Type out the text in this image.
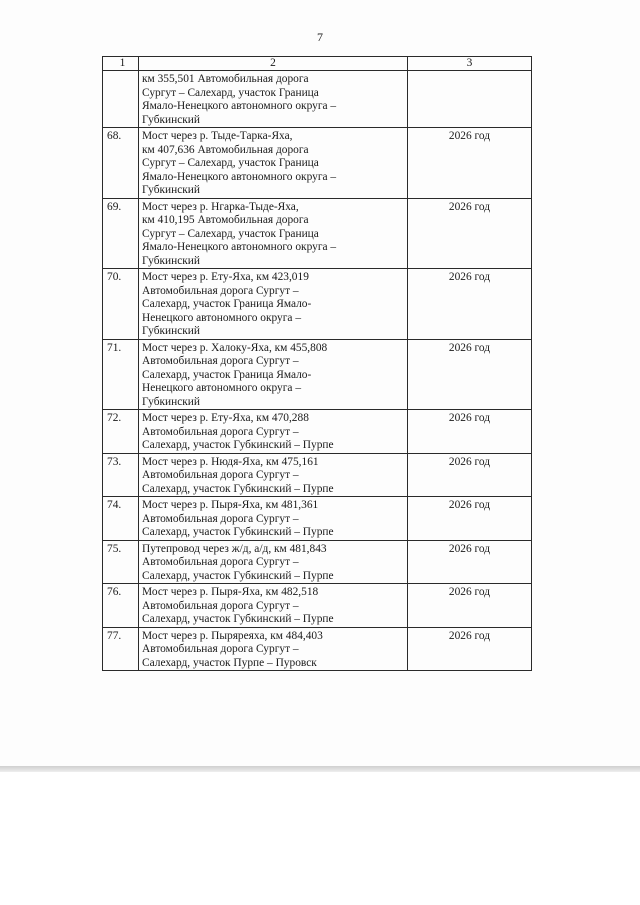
7
1	2	3

	км 355,501 Автомобильная дорога
Сургут – Салехард, участок Граница
Ямало-Ненецкого автономного округа –
Губкинский	

68.	Мост через р. Тыде-Тарка-Яха,
км 407,636 Автомобильная дорога
Сургут – Салехард, участок Граница
Ямало-Ненецкого автономного округа –
Губкинский	2026 год

69.	Мост через р. Нгарка-Тыде-Яха,
км 410,195 Автомобильная дорога
Сургут – Салехард, участок Граница
Ямало-Ненецкого автономного округа –
Губкинский	2026 год

70.	Мост через р. Ету-Яха, км 423,019
Автомобильная дорога Сургут –
Салехард, участок Граница Ямало-
Ненецкого автономного округа –
Губкинский	2026 год

71.	Мост через р. Халоку-Яха, км 455,808
Автомобильная дорога Сургут –
Салехард, участок Граница Ямало-
Ненецкого автономного округа –
Губкинский	2026 год

72.	Мост через р. Ету-Яха, км 470,288
Автомобильная дорога Сургут –
Салехард, участок Губкинский – Пурпе	2026 год

73.	Мост через р. Нюдя-Яха, км 475,161
Автомобильная дорога Сургут –
Салехард, участок Губкинский – Пурпе	2026 год

74.	Мост через р. Пыря-Яха, км 481,361
Автомобильная дорога Сургут –
Салехард, участок Губкинский – Пурпе	2026 год

75.	Путепровод через ж/д, а/д, км 481,843
Автомобильная дорога Сургут –
Салехард, участок Губкинский – Пурпе	2026 год

76.	Мост через р. Пыря-Яха, км 482,518
Автомобильная дорога Сургут –
Салехард, участок Губкинский – Пурпе	2026 год

77.	Мост через р. Пыряреяха, км 484,403
Автомобильная дорога Сургут –
Салехард, участок Пурпе – Пуровск	2026 год
